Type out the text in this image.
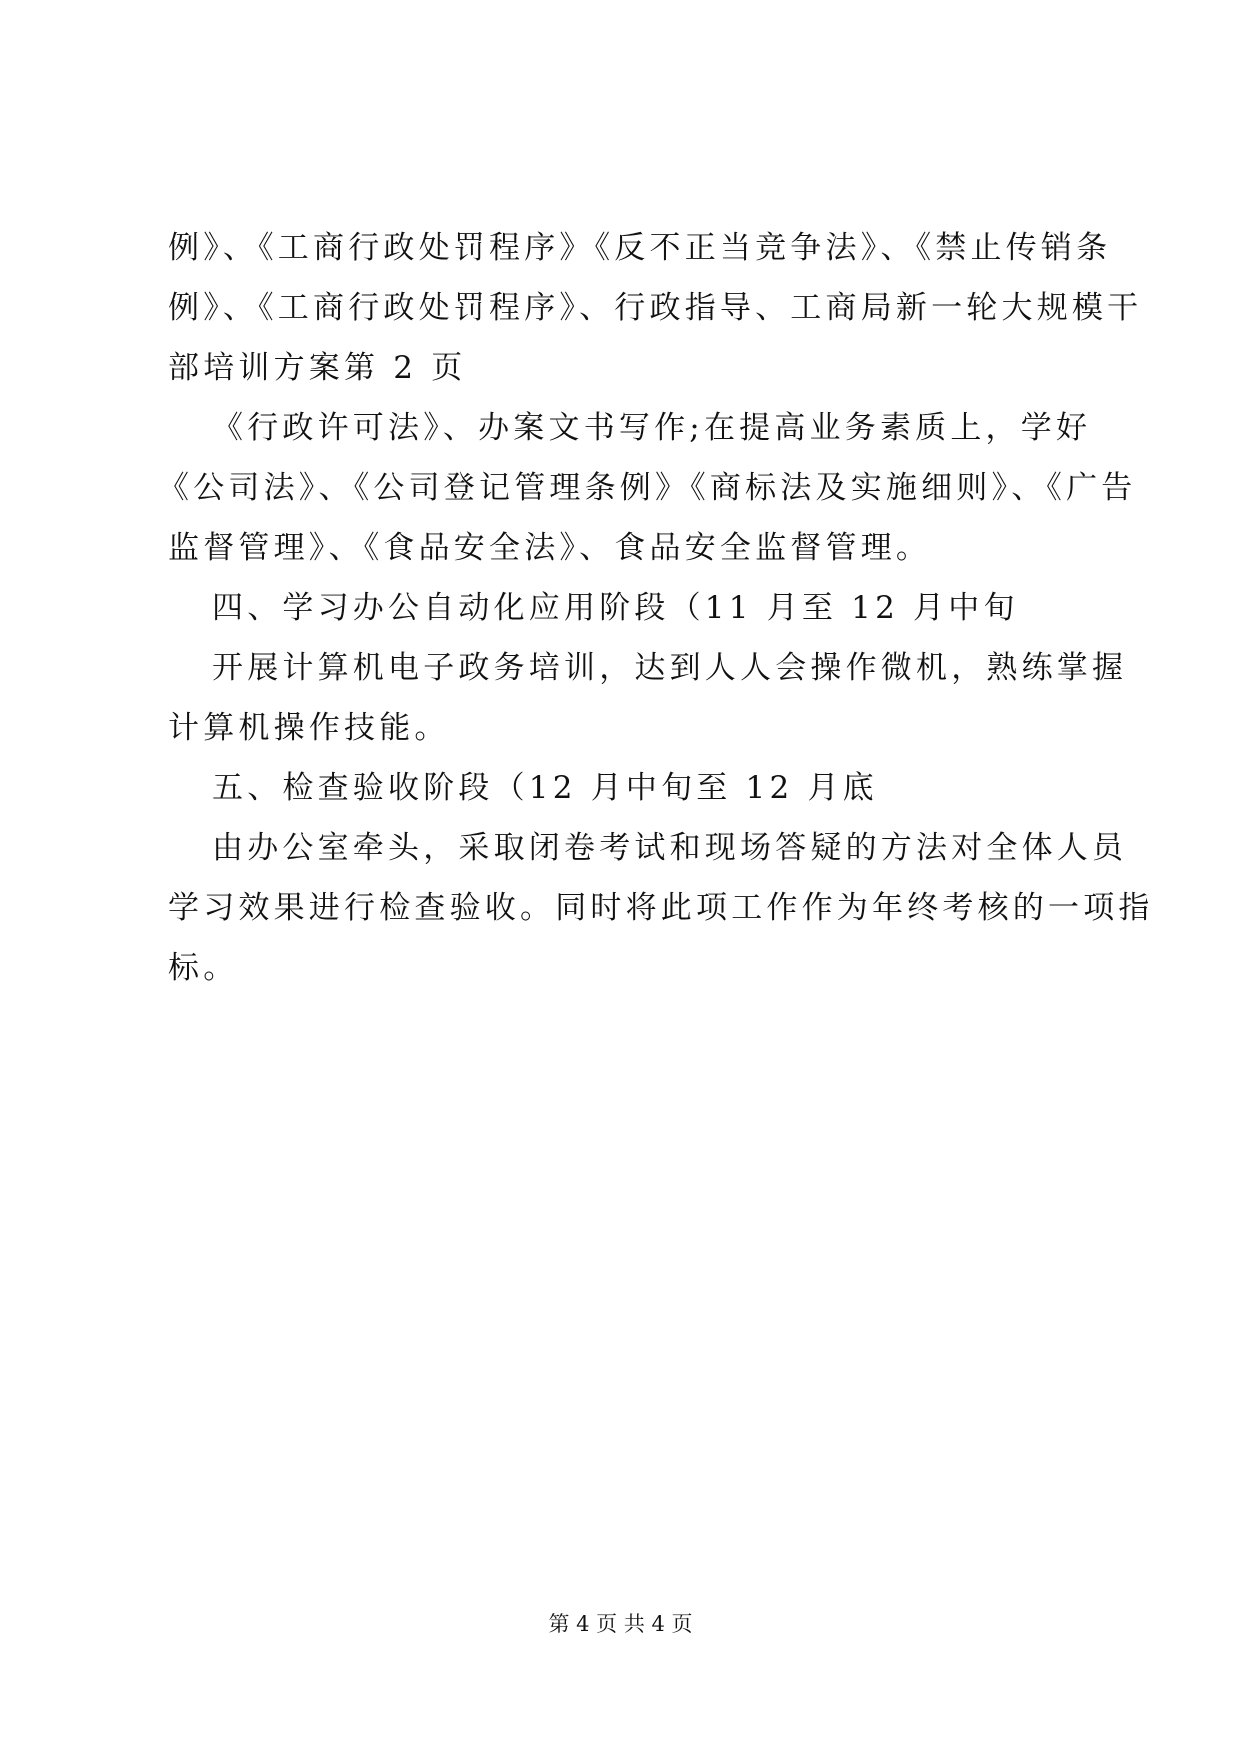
例》、《工商行政处罚程序》《反不正当竞争法》、《禁止传销条
例》、《工商行政处罚程序》、行政指导、工商局新一轮大规模干
部培训方案第 2 页
《行政许可法》、办案文书写作;在提高业务素质上，学好
《公司法》、《公司登记管理条例》《商标法及实施细则》、《广告
监督管理》、《食品安全法》、食品安全监督管理。
四、学习办公自动化应用阶段（11 月至 12 月中旬
开展计算机电子政务培训，达到人人会操作微机，熟练掌握
计算机操作技能。
五、检查验收阶段（12 月中旬至 12 月底
由办公室牵头，采取闭卷考试和现场答疑的方法对全体人员
学习效果进行检查验收。同时将此项工作作为年终考核的一项指
标。
第 4 页 共 4 页
